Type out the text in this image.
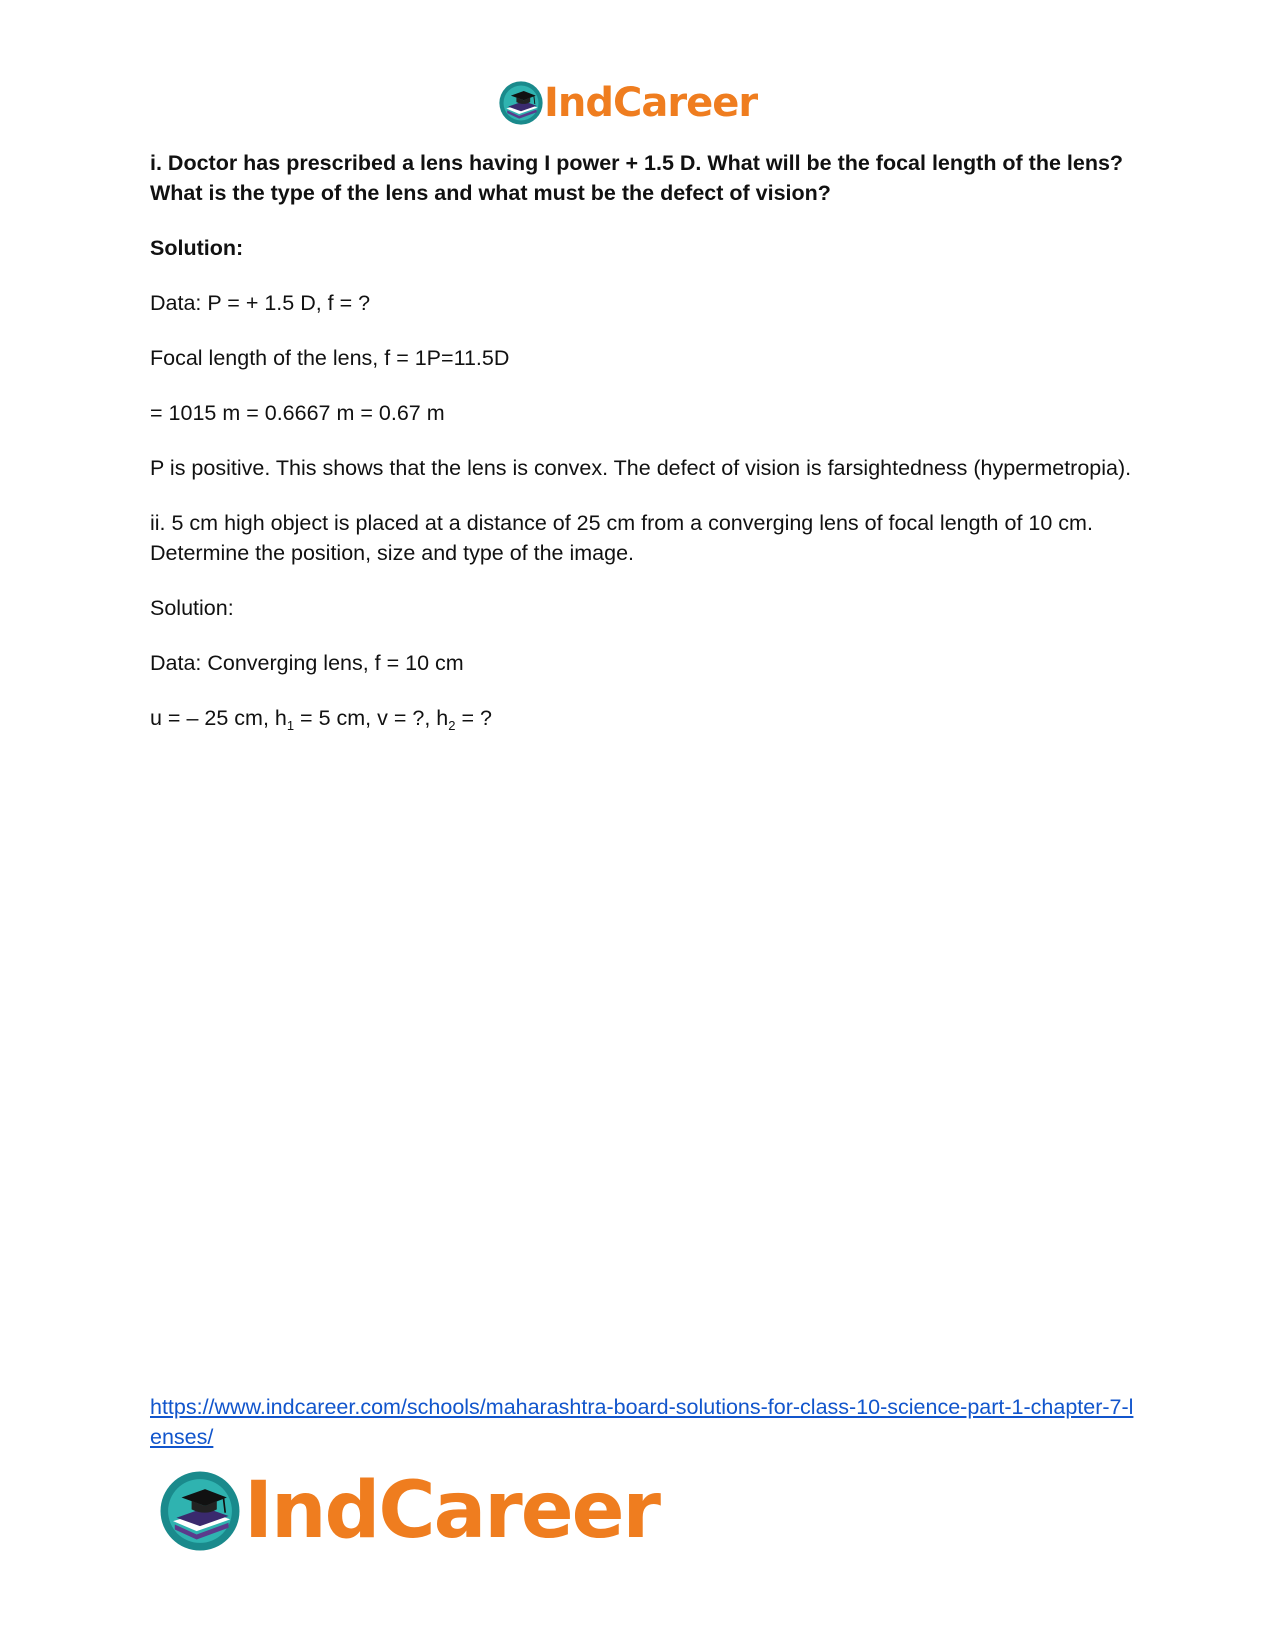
IndCareer

i. Doctor has prescribed a lens having I power + 1.5 D. What will be the focal length of the lens? What is the type of the lens and what must be the defect of vision?

Solution:

Data: P = + 1.5 D, f = ?

Focal length of the lens, f = 1P=11.5D

= 1015 m = 0.6667 m = 0.67 m

P is positive. This shows that the lens is convex. The defect of vision is farsightedness (hypermetropia).

ii. 5 cm high object is placed at a distance of 25 cm from a converging lens of focal length of 10 cm. Determine the position, size and type of the image.

Solution:

Data: Converging lens, f = 10 cm

u = – 25 cm, $h_1 = 5$ cm, v = ?, $h_2$ = ?

https://www.indcareer.com/schools/maharashtra-board-solutions-for-class-10-science-part-1-chapter-7-lenses/
IndCareer
